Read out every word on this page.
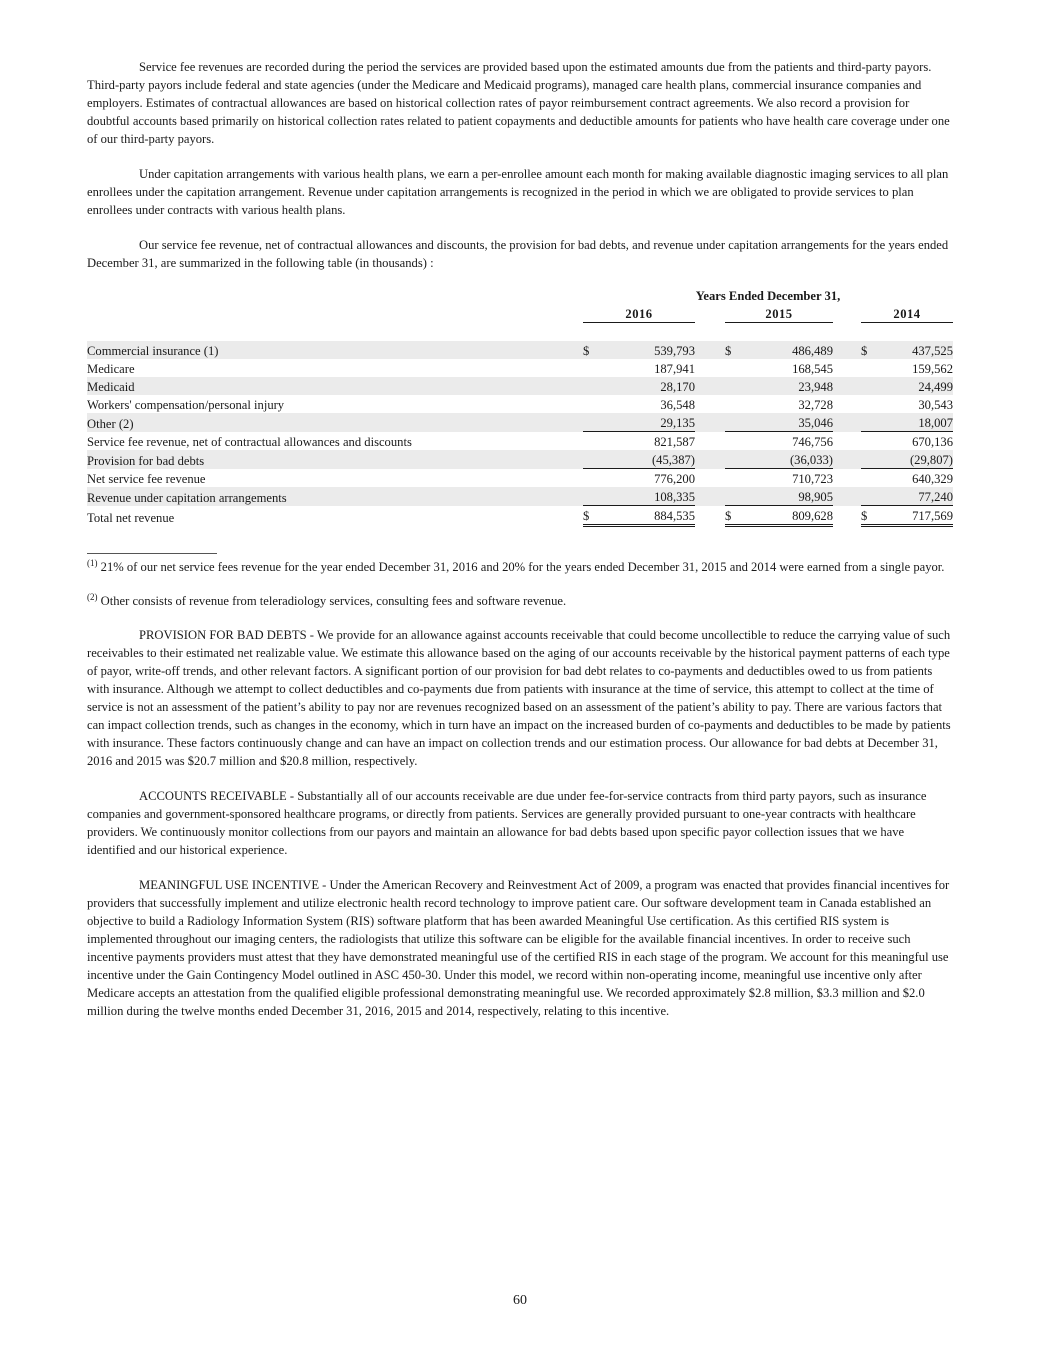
Service fee revenues are recorded during the period the services are provided based upon the estimated amounts due from the patients and third-party payors. Third-party payors include federal and state agencies (under the Medicare and Medicaid programs), managed care health plans, commercial insurance companies and employers. Estimates of contractual allowances are based on historical collection rates of payor reimbursement contract agreements. We also record a provision for doubtful accounts based primarily on historical collection rates related to patient copayments and deductible amounts for patients who have health care coverage under one of our third-party payors.

Under capitation arrangements with various health plans, we earn a per-enrollee amount each month for making available diagnostic imaging services to all plan enrollees under the capitation arrangement. Revenue under capitation arrangements is recognized in the period in which we are obligated to provide services to plan enrollees under contracts with various health plans.

Our service fee revenue, net of contractual allowances and discounts, the provision for bad debts, and revenue under capitation arrangements for the years ended December 31, are summarized in the following table (in thousands) :

	Years Ended December 31,							
	2016			2015			2014	

Commercial insurance (1)	$	539,793		$	486,489		$	437,525
Medicare		187,941			168,545			159,562
Medicaid		28,170			23,948			24,499
Workers' compensation/personal injury		36,548			32,728			30,543
Other (2)		29,135			35,046			18,007
Service fee revenue, net of contractual allowances and discounts		821,587			746,756			670,136
Provision for bad debts		(45,387)			(36,033)			(29,807)
Net service fee revenue		776,200			710,723			640,329
Revenue under capitation arrangements		108,335			98,905			77,240
Total net revenue	$	884,535		$	809,628		$	717,569

$^{(1)}$ 21% of our net service fees revenue for the year ended December 31, 2016 and 20% for the years ended December 31, 2015 and 2014 were earned from a single payor.

$^{(2)}$ Other consists of revenue from teleradiology services, consulting fees and software revenue.

PROVISION FOR BAD DEBTS - We provide for an allowance against accounts receivable that could become uncollectible to reduce the carrying value of such receivables to their estimated net realizable value. We estimate this allowance based on the aging of our accounts receivable by the historical payment patterns of each type of payor, write-off trends, and other relevant factors. A significant portion of our provision for bad debt relates to co-payments and deductibles owed to us from patients with insurance. Although we attempt to collect deductibles and co-payments due from patients with insurance at the time of service, this attempt to collect at the time of service is not an assessment of the patient’s ability to pay nor are revenues recognized based on an assessment of the patient’s ability to pay. There are various factors that can impact collection trends, such as changes in the economy, which in turn have an impact on the increased burden of co-payments and deductibles to be made by patients with insurance. These factors continuously change and can have an impact on collection trends and our estimation process. Our allowance for bad debts at December 31, 2016 and 2015 was $20.7 million and $20.8 million, respectively.

ACCOUNTS RECEIVABLE - Substantially all of our accounts receivable are due under fee-for-service contracts from third party payors, such as insurance companies and government-sponsored healthcare programs, or directly from patients. Services are generally provided pursuant to one-year contracts with healthcare providers. We continuously monitor collections from our payors and maintain an allowance for bad debts based upon specific payor collection issues that we have identified and our historical experience.

MEANINGFUL USE INCENTIVE - Under the American Recovery and Reinvestment Act of 2009, a program was enacted that provides financial incentives for providers that successfully implement and utilize electronic health record technology to improve patient care. Our software development team in Canada established an objective to build a Radiology Information System (RIS) software platform that has been awarded Meaningful Use certification. As this certified RIS system is implemented throughout our imaging centers, the radiologists that utilize this software can be eligible for the available financial incentives. In order to receive such incentive payments providers must attest that they have demonstrated meaningful use of the certified RIS in each stage of the program. We account for this meaningful use incentive under the Gain Contingency Model outlined in ASC 450-30. Under this model, we record within non-operating income, meaningful use incentive only after Medicare accepts an attestation from the qualified eligible professional demonstrating meaningful use. We recorded approximately $2.8 million, $3.3 million and $2.0 million during the twelve months ended December 31, 2016, 2015 and 2014, respectively, relating to this incentive.

60
